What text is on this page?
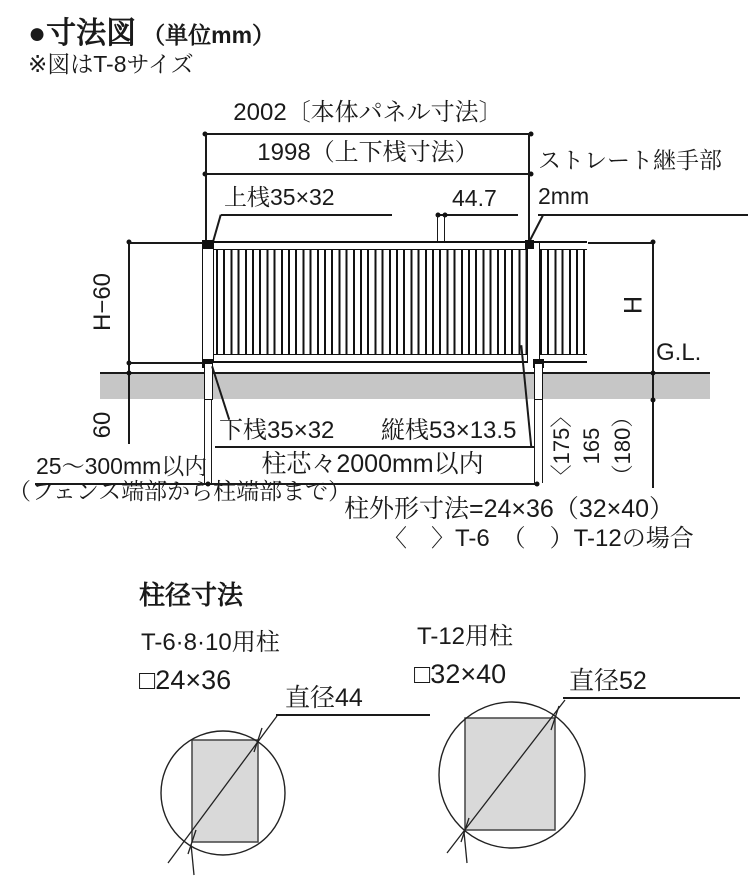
●寸法図 （単位mm）
※図はT-8サイズ
2002〔本体パネル寸法〕
1998（上下桟寸法）
上桟35×32	44.7
ストレート継手部
2mm
H−60
60
H
G.L.
〈175〉 165 （180）
25～300mm以内	柱芯々2000mm以内
（フェンス端部から柱端部まで）
柱外形寸法=24×36（32×40）
〈　〉T-6　（　）T-12の場合
下桟35×32 縦桟53×13.5
柱径寸法
T-6·8·10用柱
□24×36
直径44
T-12用柱
□32×40	直径52
